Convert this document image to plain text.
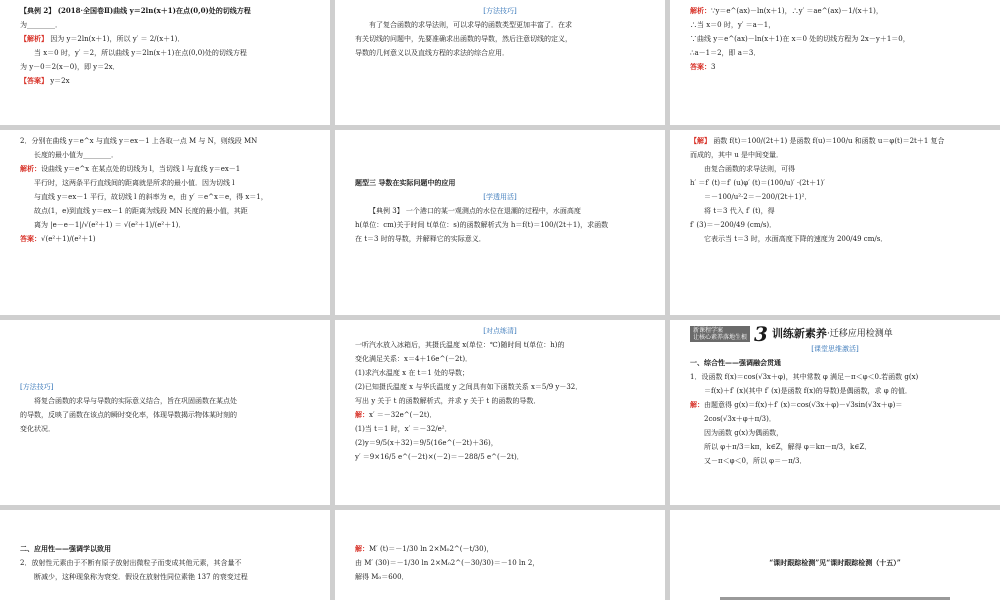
【典例 2】 (2018·全国卷Ⅱ)曲线 y＝2ln(x＋1)在点(0,0)处的切线方程
为________．
【解析】 因为 y＝2ln(x＋1)，所以 y′ ＝ 2/(x＋1)．
当 x＝0 时，y′ ＝2，所以曲线 y＝2ln(x＋1)在点(0,0)处的切线方程
为 y－0＝2(x－0)，即 y＝2x．
【答案】 y＝2x
[方法技巧]
有了复合函数的求导法则，可以求导的函数类型更加丰富了．在求
有关切线的问题中，先要准确求出函数的导数，然后注意切线的定义，
导数的几何意义以及直线方程的求法的综合应用．
解析：∵y＝e^(ax)－ln(x＋1)，∴y′ ＝ae^(ax)－1/(x＋1)，
∴当 x＝0 时，y′ ＝a－1，
∵曲线 y＝e^(ax)－ln(x＋1)在 x＝0 处的切线方程为 2x－y＋1＝0，
∴a－1＝2，即 a＝3．
答案：3
2．分别在曲线 y＝e^x 与直线 y＝ex－1 上各取一点 M 与 N，则线段 MN
长度的最小值为________．
解析：设曲线 y＝e^x 在某点处的切线为 l，当切线 l 与直线 y＝ex－1
平行时，这两条平行直线间的距离就是所求的最小值．因为切线 l
与直线 y＝ex－1 平行，故切线 l 的斜率为 e，由 y′ ＝e^x＝e，得 x＝1，
故点(1，e)到直线 y＝ex－1 的距离为线段 MN 长度的最小值，其距
离为 |e－e－1|/√(e²＋1) ＝ √(e²＋1)/(e²＋1)．
答案：√(e²＋1)/(e²＋1)
题型三 导数在实际问题中的应用
[学透用活]
【典例 3】 一个港口的某一观测点的水位在退潮的过程中，水面高度
h(单位：cm)关于时间 t(单位：s)的函数解析式为 h＝f(t)＝100/(2t＋1)，求函数
在 t＝3 时的导数，并解释它的实际意义．
【解】 函数 f(t)＝100/(2t＋1) 是函数 f(u)＝100/u 和函数 u＝φ(t)＝2t＋1 复合
而成的，其中 u 是中间变量．
由复合函数的求导法则，可得
h′ ＝f′ (t)＝f′ (u)φ′ (t)＝(100/u)′ ·(2t＋1)′
＝－100/u²·2＝－200/(2t＋1)²．
将 t＝3 代入 f′ (t)，得
f′ (3)＝－200/49 (cm/s)．
它表示当 t＝3 时，水面高度下降的速度为 200/49 cm/s．
[方法技巧]
将复合函数的求导与导数的实际意义结合，旨在巩固函数在某点处
的导数，反映了函数在该点的瞬时变化率，体现导数揭示物体某时刻的
变化状况．
[对点练清]
一听汽水放入冰箱后，其摄氏温度 x(单位：℃)随时间 t(单位：h)的
变化满足关系：x＝4＋16e^(－2t)．
(1)求汽水温度 x 在 t＝1 处的导数；
(2)已知摄氏温度 x 与华氏温度 y 之间具有如下函数关系 x＝5/9 y－32．
写出 y 关于 t 的函数解析式，并求 y 关于 t 的函数的导数．
解：x′ ＝－32e^(－2t)．
(1)当 t＝1 时，x′ ＝－32/e²．
(2)y＝9/5(x＋32)＝9/5(16e^(－2t)＋36)，
y′ ＝9×16/5 e^(－2t)×(－2)＝－288/5 e^(－2t)．
新课程学案
让核心素养落地生根 3 训练新素养·迁移应用检测单
[课堂思维激活]
一、综合性——强调融会贯通
1．设函数 f(x)＝cos(√3x＋φ)，其中常数 φ 满足－π＜φ＜0.若函数 g(x)
＝f(x)＋f′ (x)(其中 f′ (x)是函数 f(x)的导数)是偶函数，求 φ 的值．
解：由题意得 g(x)＝f(x)＋f′ (x)＝cos(√3x＋φ)－√3sin(√3x＋φ)＝
2cos(√3x＋φ＋π/3)．
因为函数 g(x)为偶函数，
所以 φ＋π/3＝kπ，k∈Z，解得 φ＝kπ－π/3，k∈Z．
又－π＜φ＜0，所以 φ＝－π/3．
二、应用性——强调学以致用
2．放射性元素由于不断有原子放射出微粒子而变成其他元素，其含量不
断减少，这种现象称为衰变．假设在放射性同位素铯 137 的衰变过程
解：M′ (t)＝－1/30 ln 2×M₀2^(－t/30)，
由 M′ (30)＝－1/30 ln 2×M₀2^(－30/30)＝－10 ln 2，
解得 M₀＝600．
“课时跟踪检测”见“课时跟踪检测（十五）”
